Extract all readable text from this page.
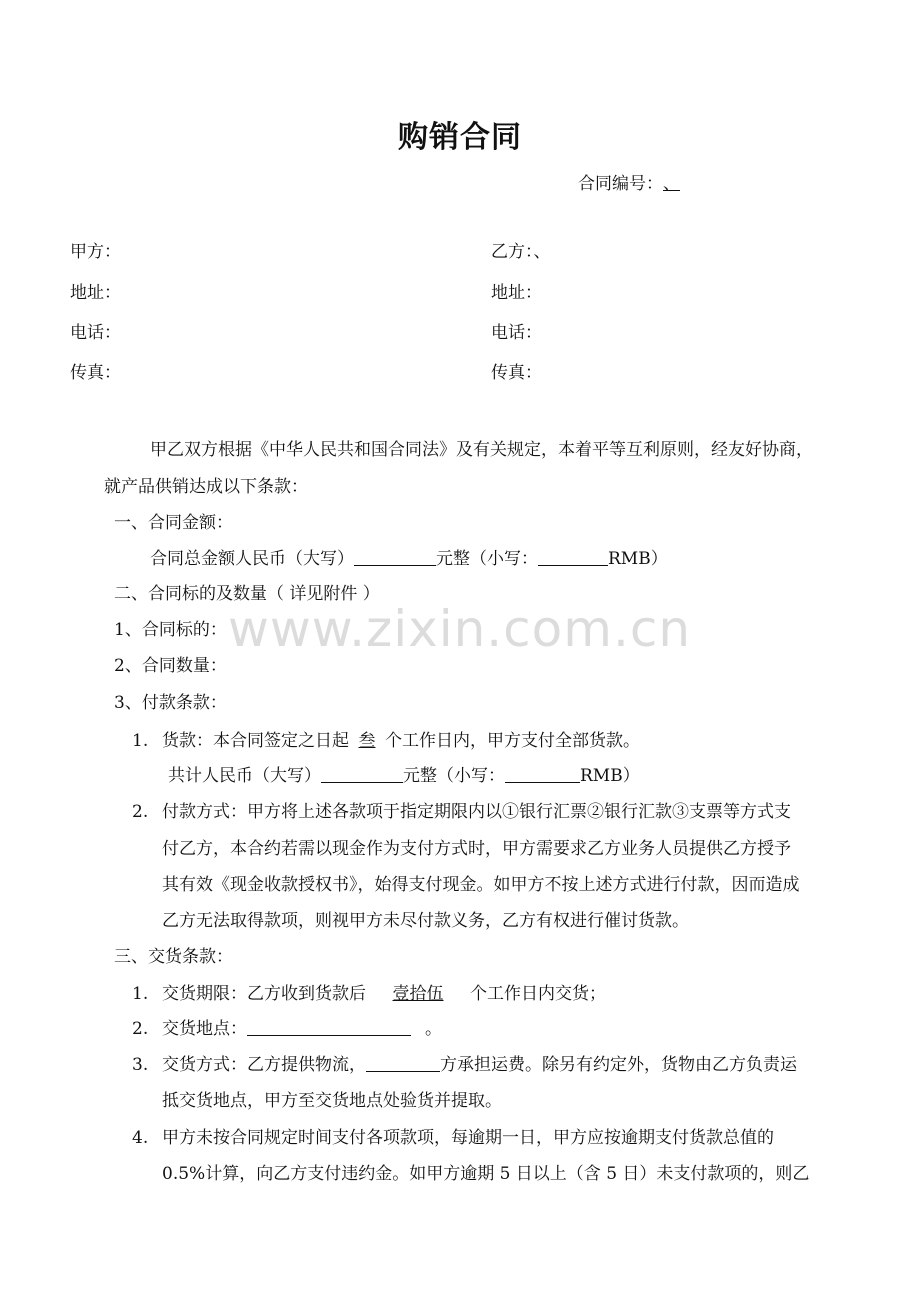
www.zixin.com.cn
购销合同
合同编号：、
甲方：	乙方：、
地址：	地址：
电话：	电话：
传真：	传真：
甲乙双方根据《中华人民共和国合同法》及有关规定，本着平等互利原则，经友好协商，
就产品供销达成以下条款：
一、合同金额：
合同总金额人民币（大写）	元整（小写：	RMB）
二、合同标的及数量（ 详见附件 ）
1、合同标的：
2、合同数量：
3、付款条款：
1. 货款：本合同签定之日起 叁 个工作日内，甲方支付全部货款。
共计人民币（大写）	元整（小写：	RMB）
2. 付款方式：甲方将上述各款项于指定期限内以①银行汇票②银行汇款③支票等方式支
付乙方，本合约若需以现金作为支付方式时，甲方需要求乙方业务人员提供乙方授予
其有效《现金收款授权书》，始得支付现金。如甲方不按上述方式进行付款，因而造成
乙方无法取得款项，则视甲方未尽付款义务，乙方有权进行催讨货款。
三、交货条款：
1. 交货期限：乙方收到货款后 壹拾伍 个工作日内交货；
2. 交货地点：	。
3. 交货方式：乙方提供物流，	方承担运费。除另有约定外，货物由乙方负责运
抵交货地点，甲方至交货地点处验货并提取。
4. 甲方未按合同规定时间支付各项款项，每逾期一日，甲方应按逾期支付货款总值的
0.5%计算，向乙方支付违约金。如甲方逾期 5 日以上（含 5 日）未支付款项的，则乙
